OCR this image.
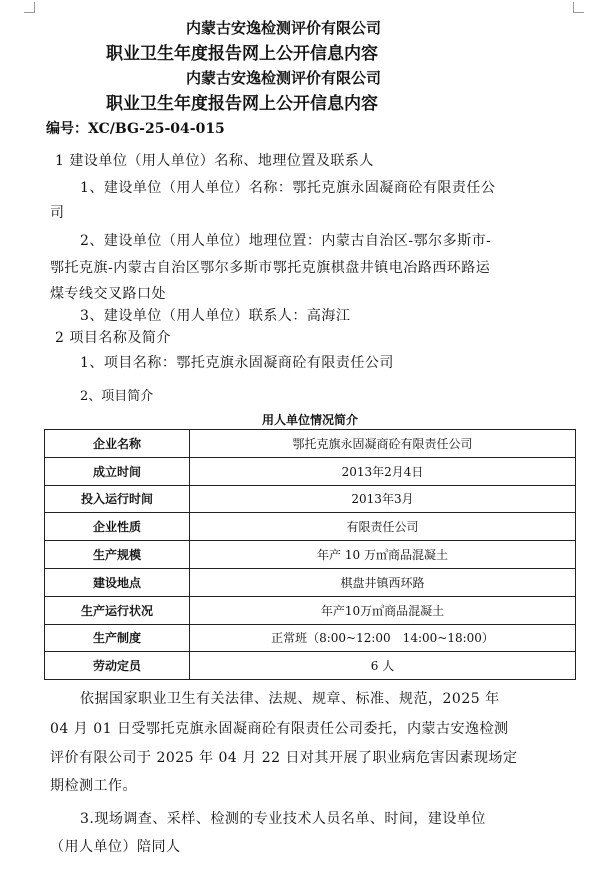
内蒙古安逸检测评价有限公司
职业卫生年度报告网上公开信息内容
内蒙古安逸检测评价有限公司
职业卫生年度报告网上公开信息内容
编号：XC/BG-25-04-015
1 建设单位（用人单位）名称、地理位置及联系人
1、建设单位（用人单位）名称：鄂托克旗永固凝商砼有限责任公
司
2、建设单位（用人单位）地理位置：内蒙古自治区-鄂尔多斯市-
鄂托克旗-内蒙古自治区鄂尔多斯市鄂托克旗棋盘井镇电冶路西环路运
煤专线交叉路口处
3、建设单位（用人单位）联系人：高海江
2 项目名称及简介
1、项目名称：鄂托克旗永固凝商砼有限责任公司
2、项目简介
用人单位情况简介
企业名称	鄂托克旗永固凝商砼有限责任公司
成立时间	2013年2月4日
投入运行时间	2013年3月
企业性质	有限责任公司
生产规模	年产 10 万㎥商品混凝土
建设地点	棋盘井镇西环路
生产运行状况	年产10万㎥商品混凝土
生产制度	正常班（8:00~12:00　14:00~18:00）
劳动定员	6 人
依据国家职业卫生有关法律、法规、规章、标准、规范，2025 年
04 月 01 日受鄂托克旗永固凝商砼有限责任公司委托，内蒙古安逸检测
评价有限公司于 2025 年 04 月 22 日对其开展了职业病危害因素现场定
期检测工作。
3.现场调查、采样、检测的专业技术人员名单、时间，建设单位
（用人单位）陪同人
